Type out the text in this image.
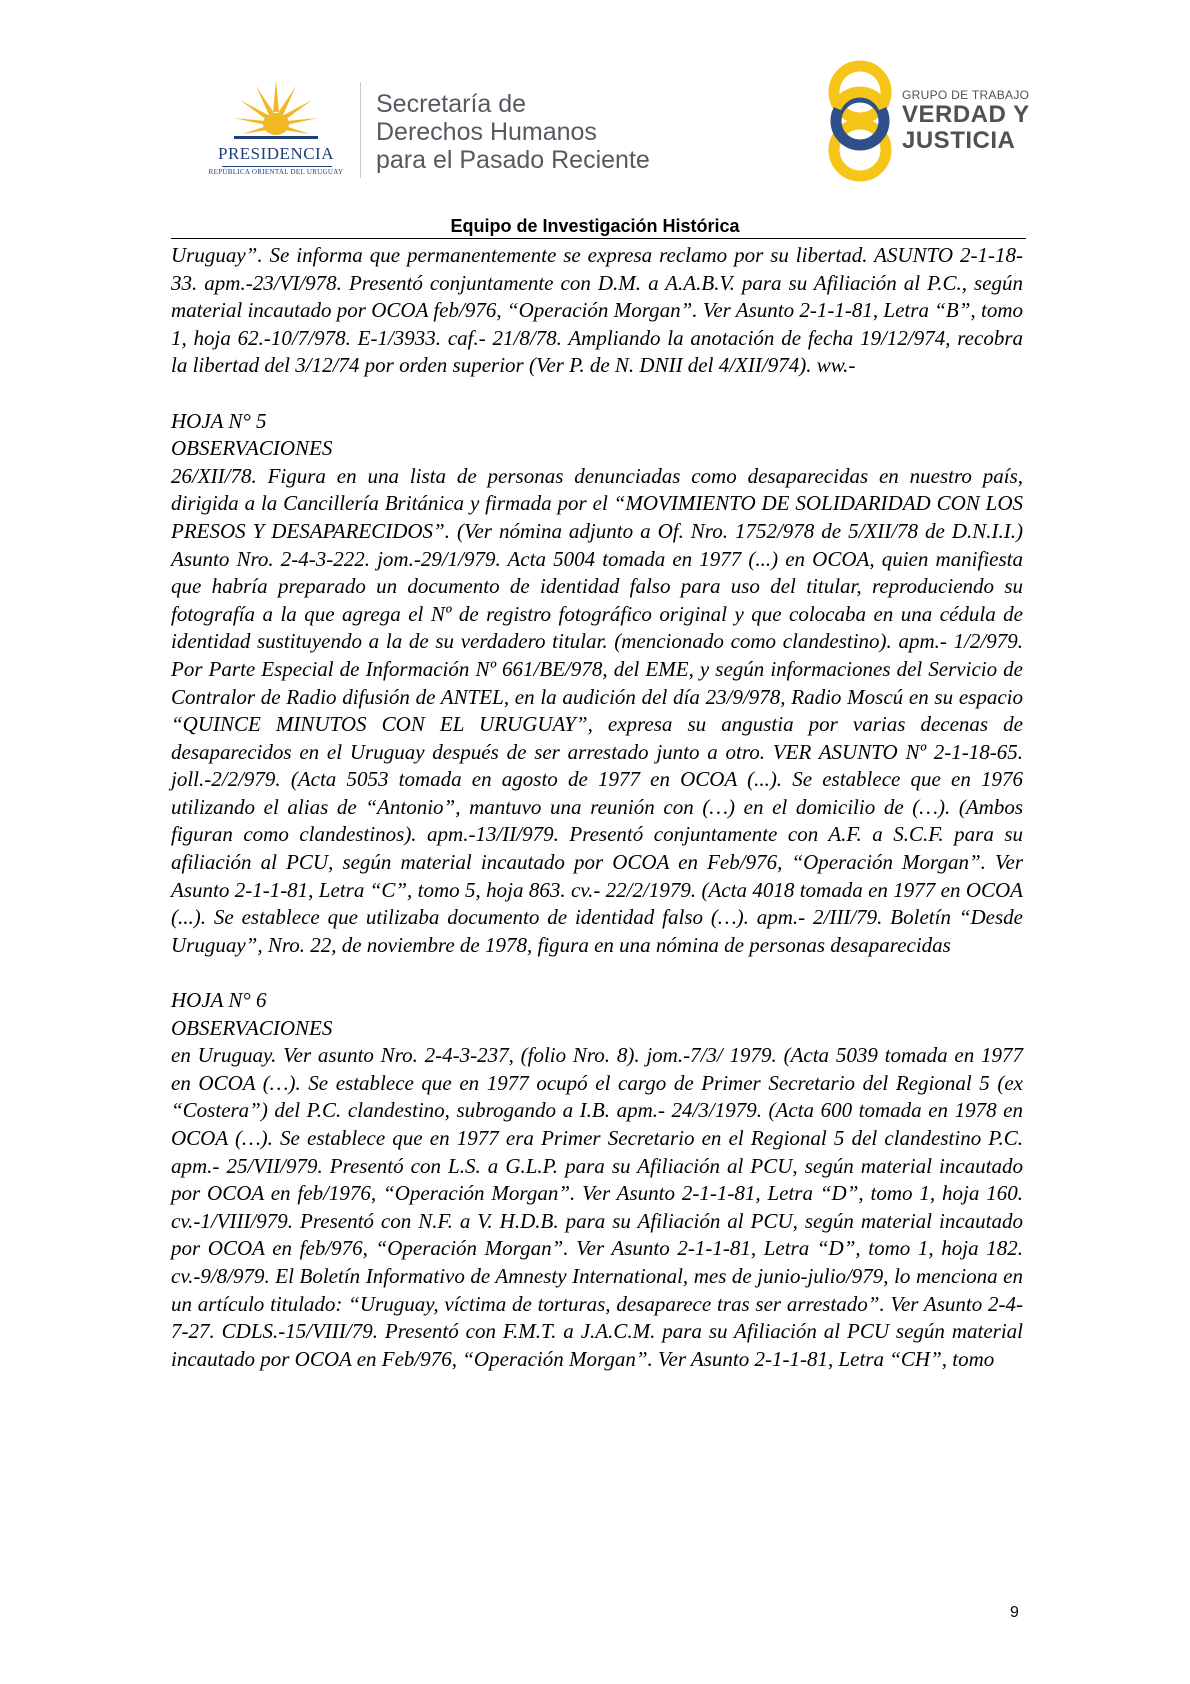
PRESIDENCIA
REPÚBLICA ORIENTAL DEL URUGUAY
Secretaría de
Derechos Humanos
para el Pasado Reciente
GRUPO DE TRABAJO
VERDAD Y
JUSTICIA
Equipo de Investigación Histórica

Uruguay”. Se informa que permanentemente se expresa reclamo por su libertad. ASUNTO 2-1-18-33. apm.-23/VI/978. Presentó conjuntamente con D.M. a A.A.B.V. para su Afiliación al P.C., según material incautado por OCOA feb/976, “Operación Morgan”. Ver Asunto 2-1-1-81, Letra “B”, tomo 1, hoja 62.-10/7/978. E-1/3933. caf.- 21/8/78. Ampliando la anotación de fecha 19/12/974, recobra la libertad del 3/12/74 por orden superior (Ver P. de N. DNII del 4/XII/974). ww.-

HOJA N° 5

OBSERVACIONES

26/XII/78. Figura en una lista de personas denunciadas como desaparecidas en nuestro país, dirigida a la Cancillería Británica y firmada por el “MOVIMIENTO DE SOLIDARIDAD CON LOS PRESOS Y DESAPARECIDOS”. (Ver nómina adjunto a Of. Nro. 1752/978 de 5/XII/78 de D.N.I.I.) Asunto Nro. 2-4-3-222. jom.-29/1/979. Acta 5004 tomada en 1977 (...) en OCOA, quien manifiesta que habría preparado un documento de identidad falso para uso del titular, reproduciendo su fotografía a la que agrega el Nº de registro fotográfico original y que colocaba en una cédula de identidad sustituyendo a la de su verdadero titular. (mencionado como clandestino). apm.- 1/2/979. Por Parte Especial de Información Nº 661/BE/978, del EME, y según informaciones del Servicio de Contralor de Radio difusión de ANTEL, en la audición del día 23/9/978, Radio Moscú en su espacio “QUINCE MINUTOS CON EL URUGUAY”, expresa su angustia por varias decenas de desaparecidos en el Uruguay después de ser arrestado junto a otro. VER ASUNTO Nº 2-1-18-65. joll.-2/2/979. (Acta 5053 tomada en agosto de 1977 en OCOA (...). Se establece que en 1976 utilizando el alias de “Antonio”, mantuvo una reunión con (…) en el domicilio de (…). (Ambos figuran como clandestinos). apm.-13/II/979. Presentó conjuntamente con A.F. a S.C.F. para su afiliación al PCU, según material incautado por OCOA en Feb/976, “Operación Morgan”. Ver Asunto 2-1-1-81, Letra “C”, tomo 5, hoja 863. cv.- 22/2/1979. (Acta 4018 tomada en 1977 en OCOA (...). Se establece que utilizaba documento de identidad falso (…). apm.- 2/III/79. Boletín “Desde Uruguay”, Nro. 22, de noviembre de 1978, figura en una nómina de personas desaparecidas

HOJA N° 6

OBSERVACIONES

en Uruguay. Ver asunto Nro. 2-4-3-237, (folio Nro. 8). jom.-7/3/ 1979. (Acta 5039 tomada en 1977 en OCOA (…). Se establece que en 1977 ocupó el cargo de Primer Secretario del Regional 5 (ex “Costera”) del P.C. clandestino, subrogando a I.B. apm.- 24/3/1979. (Acta 600 tomada en 1978 en OCOA (…). Se establece que en 1977 era Primer Secretario en el Regional 5 del clandestino P.C. apm.- 25/VII/979. Presentó con L.S. a G.L.P. para su Afiliación al PCU, según material incautado por OCOA en feb/1976, “Operación Morgan”. Ver Asunto 2-1-1-81, Letra “D”, tomo 1, hoja 160. cv.-1/VIII/979. Presentó con N.F. a V. H.D.B. para su Afiliación al PCU, según material incautado por OCOA en feb/976, “Operación Morgan”. Ver Asunto 2-1-1-81, Letra “D”, tomo 1, hoja 182. cv.-9/8/979. El Boletín Informativo de Amnesty International, mes de junio-julio/979, lo menciona en un artículo titulado: “Uruguay, víctima de torturas, desaparece tras ser arrestado”. Ver Asunto 2-4-7-27. CDLS.-15/VIII/79. Presentó con F.M.T. a J.A.C.M. para su Afiliación al PCU según material incautado por OCOA en Feb/976, “Operación Morgan”. Ver Asunto 2-1-1-81, Letra “CH”, tomo

9
